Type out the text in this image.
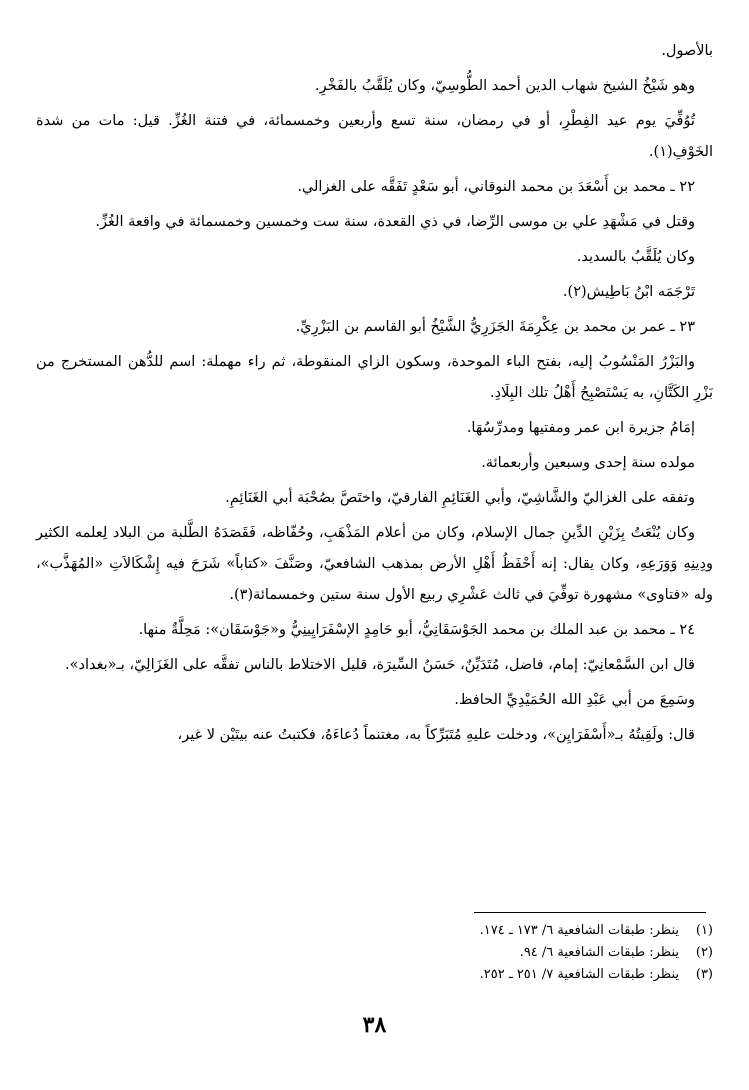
بالأصول.

وهو شَيْخُ الشيخ شهاب الدين أحمد الطُّوسِيّ، وكان يُلَقَّبُ بالفَخْرِ.

تُوُفِّيَ يوم عيد الفِطْرِ، أو في رمضان، سنة تسع وأربعين وخمسمائة، في فتنة الغُزِّ. قيل: مات من شدة الخَوْفِ(١).

٢٢ ـ محمد بن أَسْعَدَ بن محمد النوقاني، أبو سَعْدٍ تَفَقَّه على الغزالي.

وقتل في مَشْهَدِ علي بن موسى الرِّضا، في ذي القعدة، سنة ست وخمسين وخمسمائة في واقعة الغُزِّ.

وكان يُلَقَّبُ بالسديد.

تَرْجَمَه ابْنُ بَاطِيش(٢).

٢٣ ـ عمر بن محمد بن عِكْرِمَةَ الجَزَرِيُّ الشَّيْخُ أبو القاسم بن البَزْرِيِّ.

والبَزْرُ المَنْسُوبُ إليه، بفتح الباء الموحدة، وسكون الزاي المنقوطة، ثم راء مهملة: اسم للدُّهن المستخرج من بَزْرِ الكَتَّانِ، به يَسْتَصْبِحُ أَهْلُ تلك البِلَادِ.

إمَامُ جزيرة ابن عمر ومفتيها ومدرِّسُهَا.

مولده سنة إحدى وسبعين وأربعمائة.

وتفقه على الغزاليّ والشَّاشِيّ، وأبي الغَنَائِمِ الفارقيّ، واختَصَّ بصُحْبَة أبي الغَنَائِمِ.

وكان يُنْعَتُ بِزَيْنِ الدِّينِ جمال الإسلام، وكان من أعلام المَذْهَبِ، وحُفّاظه، فَقَصَدَهُ الطَّلبة من البلاد لِعلمه الكثير ودِينِهِ وَوَرَعِهِ، وكان يقال: إنه أَحْفَظُ أَهْلِ الأرض بمذهب الشافعيّ، وصَنَّفَ «كتاباً» شَرَحَ فيه إِشْكَالاَتِ «المُهَذَّب»، وله «فتاوى» مشهورة توفِّيَ في ثالث عَشْرِي ربيع الأول سنة ستين وخمسمائة(٣).

٢٤ ـ محمد بن عبد الملك بن محمد الجَوْسَقَانِيُّ، أبو حَامِدٍ الإسْفَرَايِينِيُّ و«جَوْسَقَان»: مَحِلَّةٌ منها.

قال ابن السَّمْعانِيّ: إمام، فاضل، مُتَدَيِّنٌ، حَسَنُ السِّيرَة، قليل الاختلاط بالناس تفقَّه على الغَزَالِيّ، بـ«بغداد».

وسَمِعَ من أبي عَبْدِ الله الحُمَيْدِيِّ الحافظ.

قال: ولَقِيتُهُ بـ«أَسْفَرَايِن»، ودخلت عليهِ مُتَبَرِّكاً به، مغتنماً دُعاءَهُ، فكتبتُ عنه بيتَيْن لا غير،

(١)
ينظر: طبقات الشافعية ٦/ ١٧٣ ـ ١٧٤.
(٢)
ينظر: طبقات الشافعية ٦/ ٩٤.
(٣)
ينظر: طبقات الشافعية ٧/ ٢٥١ ـ ٢٥٢.
٣٨
